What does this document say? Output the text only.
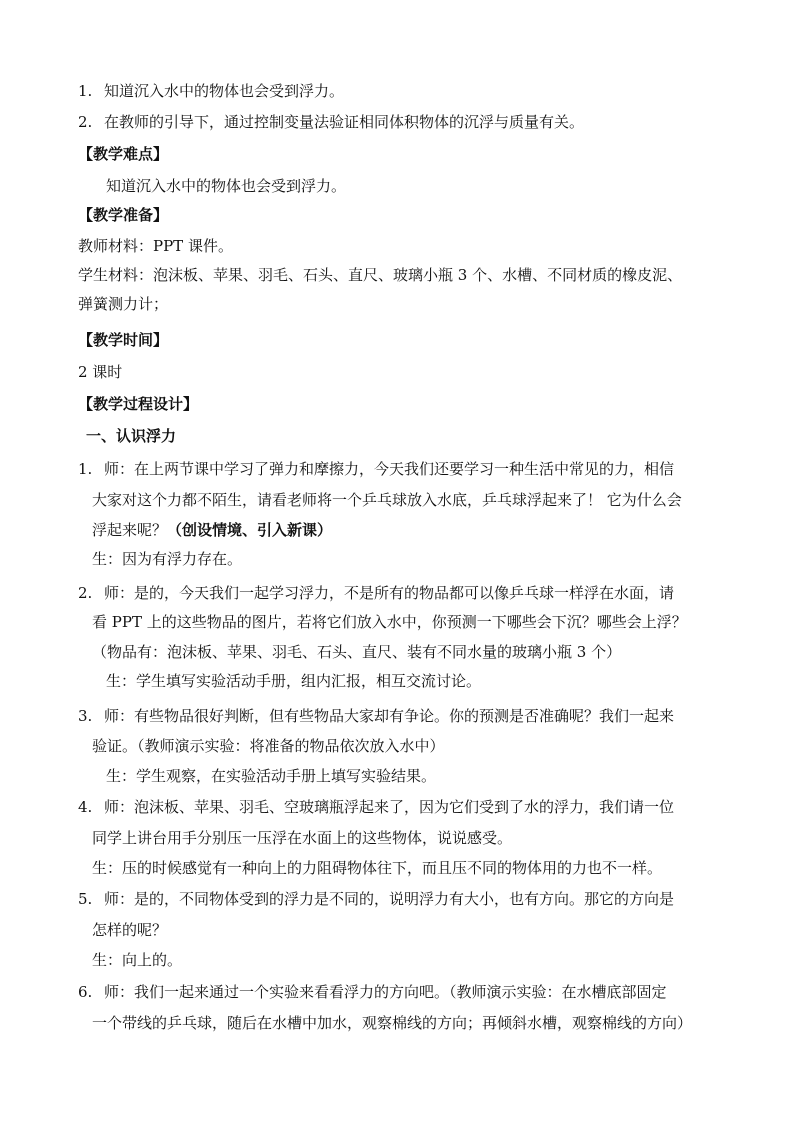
1. 知道沉入水中的物体也会受到浮力。
2. 在教师的引导下，通过控制变量法验证相同体积物体的沉浮与质量有关。
【教学难点】
知道沉入水中的物体也会受到浮力。
【教学准备】
教师材料：PPT 课件。
学生材料：泡沫板、苹果、羽毛、石头、直尺、玻璃小瓶 3 个、水槽、不同材质的橡皮泥、
弹簧测力计；
【教学时间】
2 课时
【教学过程设计】
一、认识浮力
1. 师：在上两节课中学习了弹力和摩擦力，今天我们还要学习一种生活中常见的力，相信
大家对这个力都不陌生，请看老师将一个乒乓球放入水底，乒乓球浮起来了！ 它为什么会
浮起来呢？（创设情境、引入新课）
生：因为有浮力存在。
2. 师：是的，今天我们一起学习浮力，不是所有的物品都可以像乒乓球一样浮在水面，请
看 PPT 上的这些物品的图片，若将它们放入水中，你预测一下哪些会下沉？哪些会上浮？
（物品有：泡沫板、苹果、羽毛、石头、直尺、装有不同水量的玻璃小瓶 3 个）
生：学生填写实验活动手册，组内汇报，相互交流讨论。
3. 师：有些物品很好判断，但有些物品大家却有争论。你的预测是否准确呢？我们一起来
验证。（教师演示实验：将准备的物品依次放入水中）
生：学生观察，在实验活动手册上填写实验结果。
4. 师：泡沫板、苹果、羽毛、空玻璃瓶浮起来了，因为它们受到了水的浮力，我们请一位
同学上讲台用手分别压一压浮在水面上的这些物体，说说感受。
生：压的时候感觉有一种向上的力阻碍物体往下，而且压不同的物体用的力也不一样。
5. 师：是的，不同物体受到的浮力是不同的，说明浮力有大小，也有方向。那它的方向是
怎样的呢？
生：向上的。
6. 师：我们一起来通过一个实验来看看浮力的方向吧。（教师演示实验：在水槽底部固定
一个带线的乒乓球，随后在水槽中加水，观察棉线的方向；再倾斜水槽，观察棉线的方向）
